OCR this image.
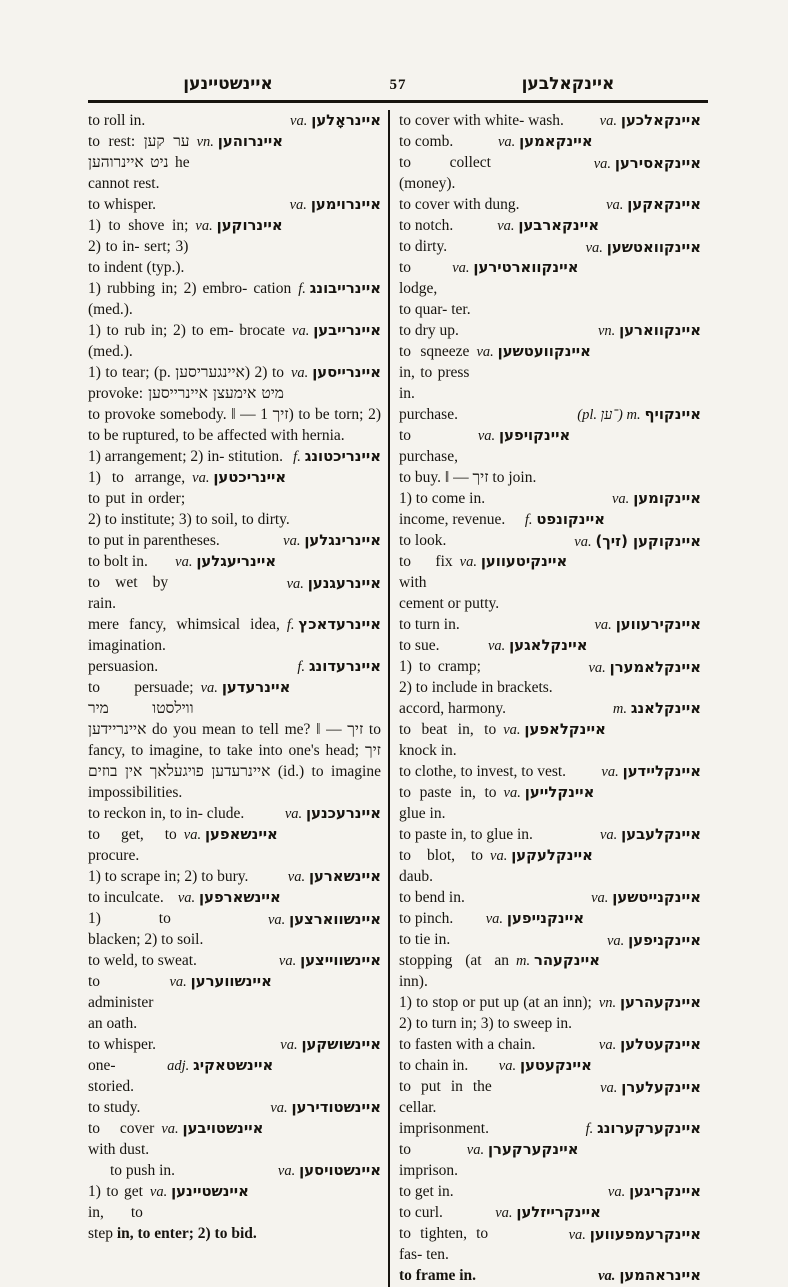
איינשטיינען	57	איינקאלבען
va. איינראָלען
to roll in.
vn. איינרוהען
to rest: ער קען ניט איינרוהען he cannot rest.
va. איינרוימען
to whisper.
va. איינרוקען
1) to shove in; 2) to in- sert; 3) to indent (typ.).
f. איינרייבונג
1) rubbing in; 2) embro- cation (med.).
va. איינרייבען
1) to rub in; 2) to em- brocate (med.).
va. איינרייסען
1) to tear; (p. איינגעריסען) 2) to provoke: מיט אימעצן איינרייסען to provoke somebody. ‖ — זיך 1) to be torn; 2) to be ruptured, to be affected with hernia.
f. איינריכטונג
1) arrangement; 2) in- stitution.
va. איינריכטען
1) to arrange, to put in order; 2) to institute; 3) to soil, to dirty.
va. איינרינגלען
to put in parentheses.
va. איינריעגלען
to bolt in.
va. איינרעגנען
to wet by rain.
f. איינרעדאכץ
mere fancy, whimsical idea, imagination.
f. איינרעדונג
persuasion.
va. איינרעדען
to persuade; ווילסטו מיר איינריידען do you mean to tell me? ‖ — זיך to fancy, to imagine, to take into one's head; זיך איינרעדען פויגעלאך אין בוזים (id.) to imagine impossibilities.
va. איינרעכנען
to reckon in, to in- clude.
va. איינשאפען
to get, to procure.
va. איינשארען
1) to scrape in; 2) to bury.
va. איינשארפען
to inculcate.
va. איינשווארצען
1) to blacken; 2) to soil.
va. איינשווייצען
to weld, to sweat.
va. איינשווערען
to administer an oath.
va. איינשושקען
to whisper.
adj. איינשטאקיג
one-storied.
va. איינשטודירען
to study.
va. איינשטויבען
to cover with dust.
va. איינשטויסען
to push in.
va. איינשטיינען
1) to get in, to step in, to enter; 2) to bid.
va. איינקאלכען
to cover with white- wash.
va. איינקאמען
to comb.
va. איינקאסירען
to collect (money).
va. איינקאקען
to cover with dung.
va. איינקארבען
to notch.
va. איינקוואטשען
to dirty.
va. איינקווארטירען
to lodge, to quar- ter.
vn. איינקווארען
to dry up.
va. איינקוועטשען
to sqneeze in, to press in.
(pl. ־ען) m. איינקויף
purchase.
va. איינקויפען
to purchase, to buy. ‖ — זיך to join.
va. איינקומען
1) to come in.
f. איינקונפט
income, revenue.
va. איינקוקען (זיך)
to look.
va. איינקיטעווען
to fix with cement or putty.
va. איינקירעווען
to turn in.
va. איינקלאגען
to sue.
va. איינקלאמערן
1) to cramp; 2) to include in brackets.
m. איינקלאנג
accord, harmony.
va. איינקלאפען
to beat in, to knock in.
va. איינקליידען
to clothe, to invest, to vest.
va. איינקלייען
to paste in, to glue in.
va. איינקלעבען
to paste in, to glue in.
va. איינקלעקען
to blot, to daub.
va. איינקנייטשען
to bend in.
va. איינקנייפען
to pinch.
va. איינקניפען
to tie in.
m. איינקעהר
stopping (at an inn).
vn. איינקעהרען
1) to stop or put up (at an inn); 2) to turn in; 3) to sweep in.
va. איינקעטלען
to fasten with a chain.
va. איינקעטען
to chain in.
va. איינקעלערן
to put in the cellar.
f. איינקערקערונג
imprisonment.
va. איינקערקערן
to imprison.
va. איינקריגען
to get in.
va. איינקרייזלען
to curl.
va. איינקרעמפעווען
to tighten, to fas- ten.
va. איינראהמען
to frame in.
